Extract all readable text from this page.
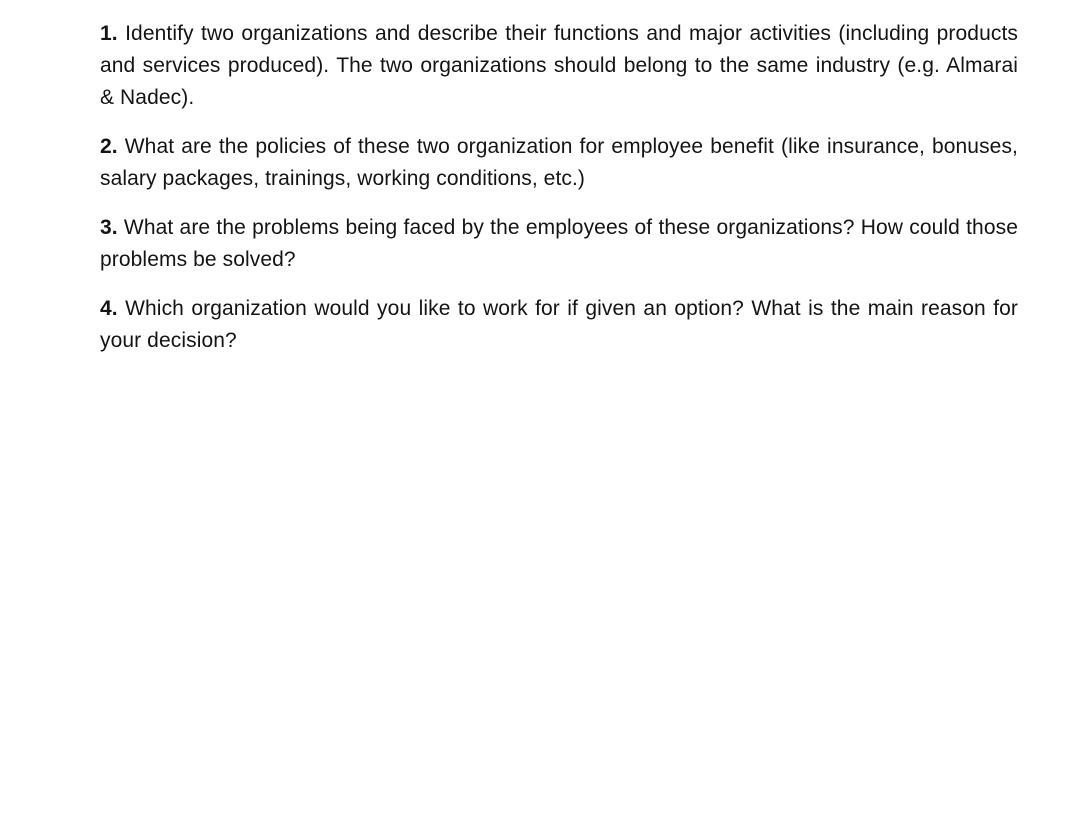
1. Identify two organizations and describe their functions and major activities (including products and services produced). The two organizations should belong to the same industry (e.g. Almarai & Nadec).

2. What are the policies of these two organization for employee benefit (like insurance, bonuses, salary packages, trainings, working conditions, etc.)

3. What are the problems being faced by the employees of these organizations? How could those problems be solved?

4. Which organization would you like to work for if given an option? What is the main reason for your decision?
